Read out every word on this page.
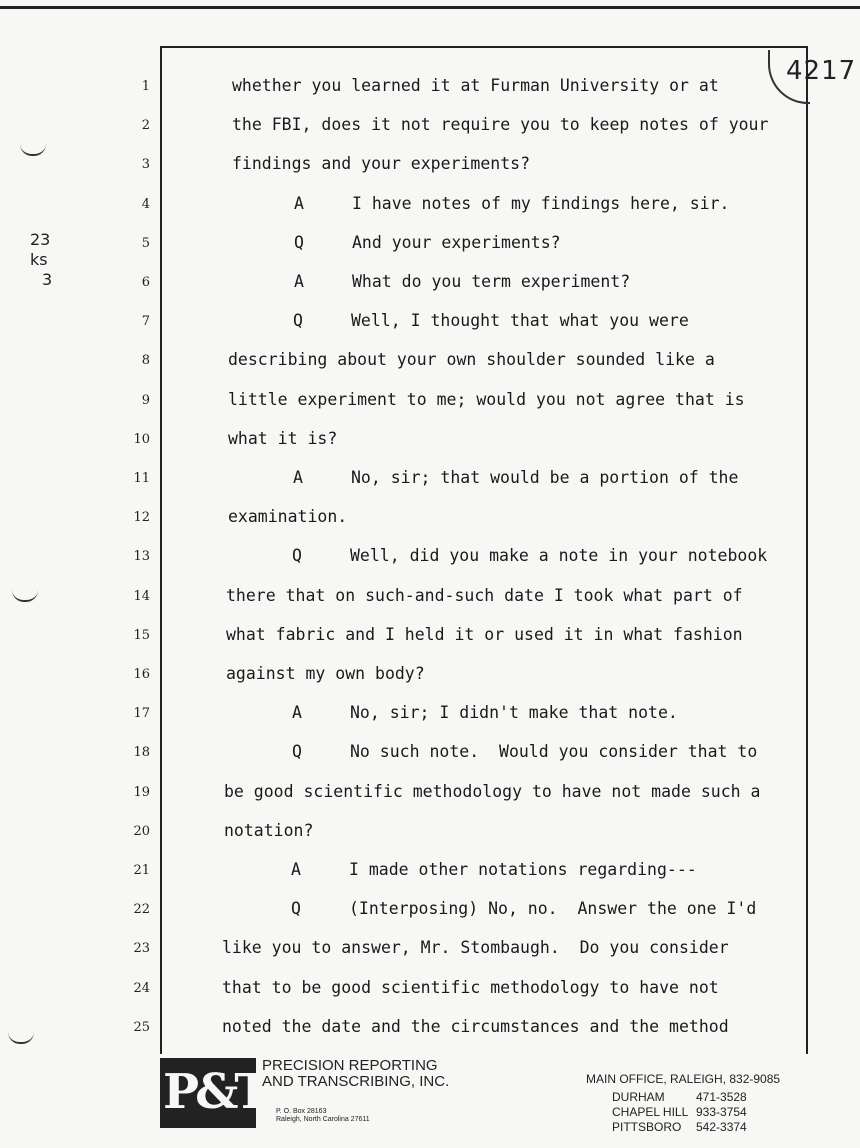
4217
23
ks
3
1	whether you learned it at Furman University or at
2	the FBI, does it not require you to keep notes of your
3	findings and your experiments?
4	A	I have notes of my findings here, sir.
5	Q	And your experiments?
6	A	What do you term experiment?
7	Q	Well, I thought that what you were
8	describing about your own shoulder sounded like a
9	little experiment to me; would you not agree that is
10	what it is?
11	A	No, sir; that would be a portion of the
12	examination.
13	Q	Well, did you make a note in your notebook
14	there that on such-and-such date I took what part of
15	what fabric and I held it or used it in what fashion
16	against my own body?
17	A	No, sir; I didn't make that note.
18	Q	No such note.  Would you consider that to
19	be good scientific methodology to have not made such a
20	notation?
21	A	I made other notations regarding---
22	Q	(Interposing) No, no.  Answer the one I'd
23	like you to answer, Mr. Stombaugh.  Do you consider
24	that to be good scientific methodology to have not
25	noted the date and the circumstances and the method
P&T
PRECISION REPORTING
AND TRANSCRIBING, INC.
P. O. Box 28163
Raleigh, North Carolina 27611
MAIN OFFICE, RALEIGH, 832-9085
DURHAM	471-3528
CHAPEL HILL 933-3754
PITTSBORO 542-3374
